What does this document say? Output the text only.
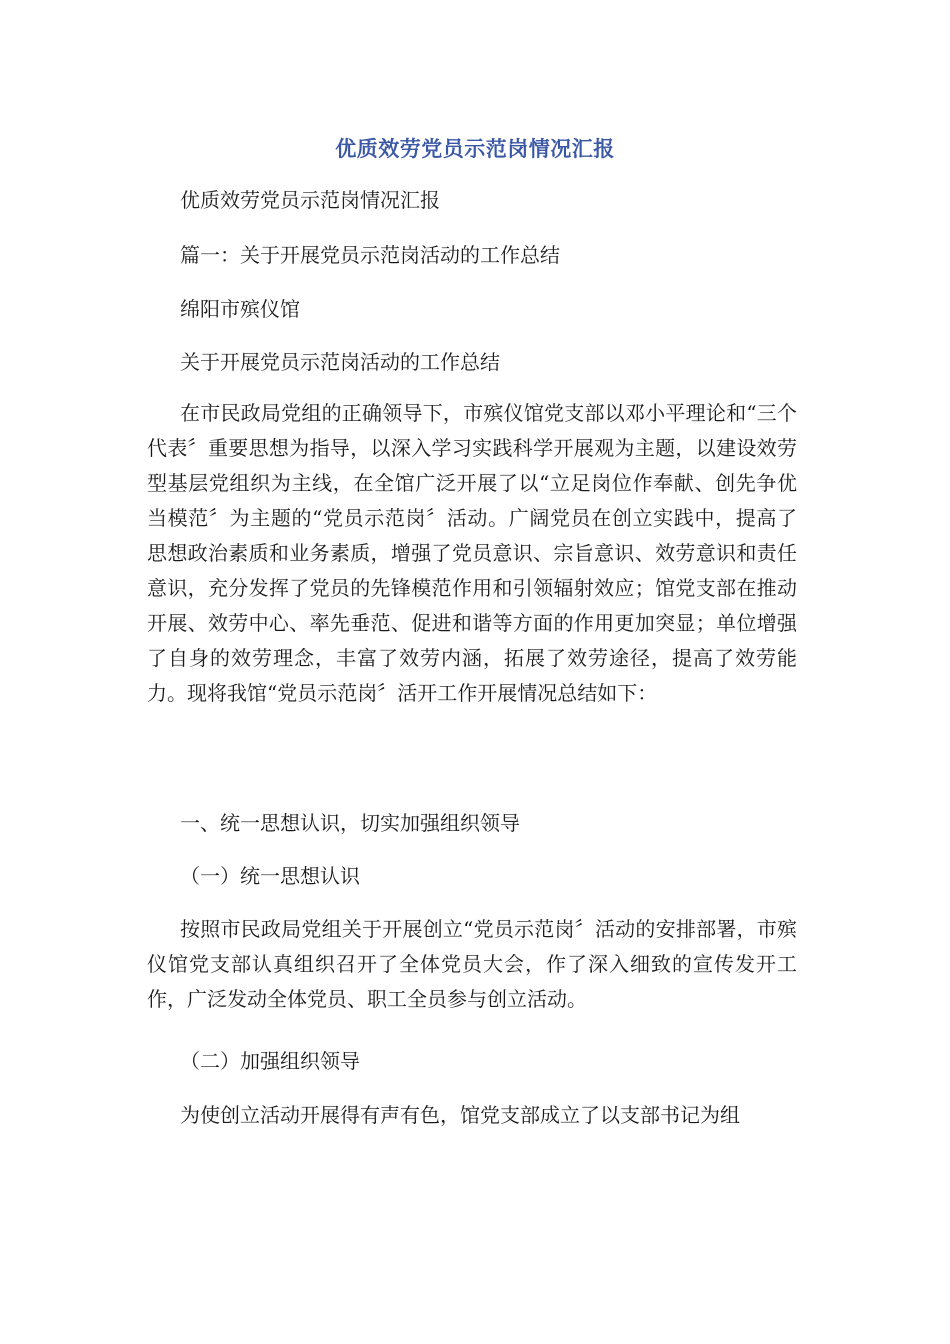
优质效劳党员示范岗情况汇报
优质效劳党员示范岗情况汇报
篇一：关于开展党员示范岗活动的工作总结
绵阳市殡仪馆
关于开展党员示范岗活动的工作总结

在市民政局党组的正确领导下，市殡仪馆党支部以邓小平理论和“三个代表〞重要思想为指导，以深入学习实践科学开展观为主题，以建设效劳型基层党组织为主线，在全馆广泛开展了以“立足岗位作奉献、创先争优当模范〞为主题的“党员示范岗〞活动。广阔党员在创立实践中，提高了思想政治素质和业务素质，增强了党员意识、宗旨意识、效劳意识和责任意识，充分发挥了党员的先锋模范作用和引领辐射效应；馆党支部在推动开展、效劳中心、率先垂范、促进和谐等方面的作用更加突显；单位增强了自身的效劳理念，丰富了效劳内涵，拓展了效劳途径，提高了效劳能力。现将我馆“党员示范岗〞活开工作开展情况总结如下：

一、统一思想认识，切实加强组织领导
（一）统一思想认识

按照市民政局党组关于开展创立“党员示范岗〞活动的安排部署，市殡仪馆党支部认真组织召开了全体党员大会，作了深入细致的宣传发开工作，广泛发动全体党员、职工全员参与创立活动。

（二）加强组织领导

为使创立活动开展得有声有色，馆党支部成立了以支部书记为组
